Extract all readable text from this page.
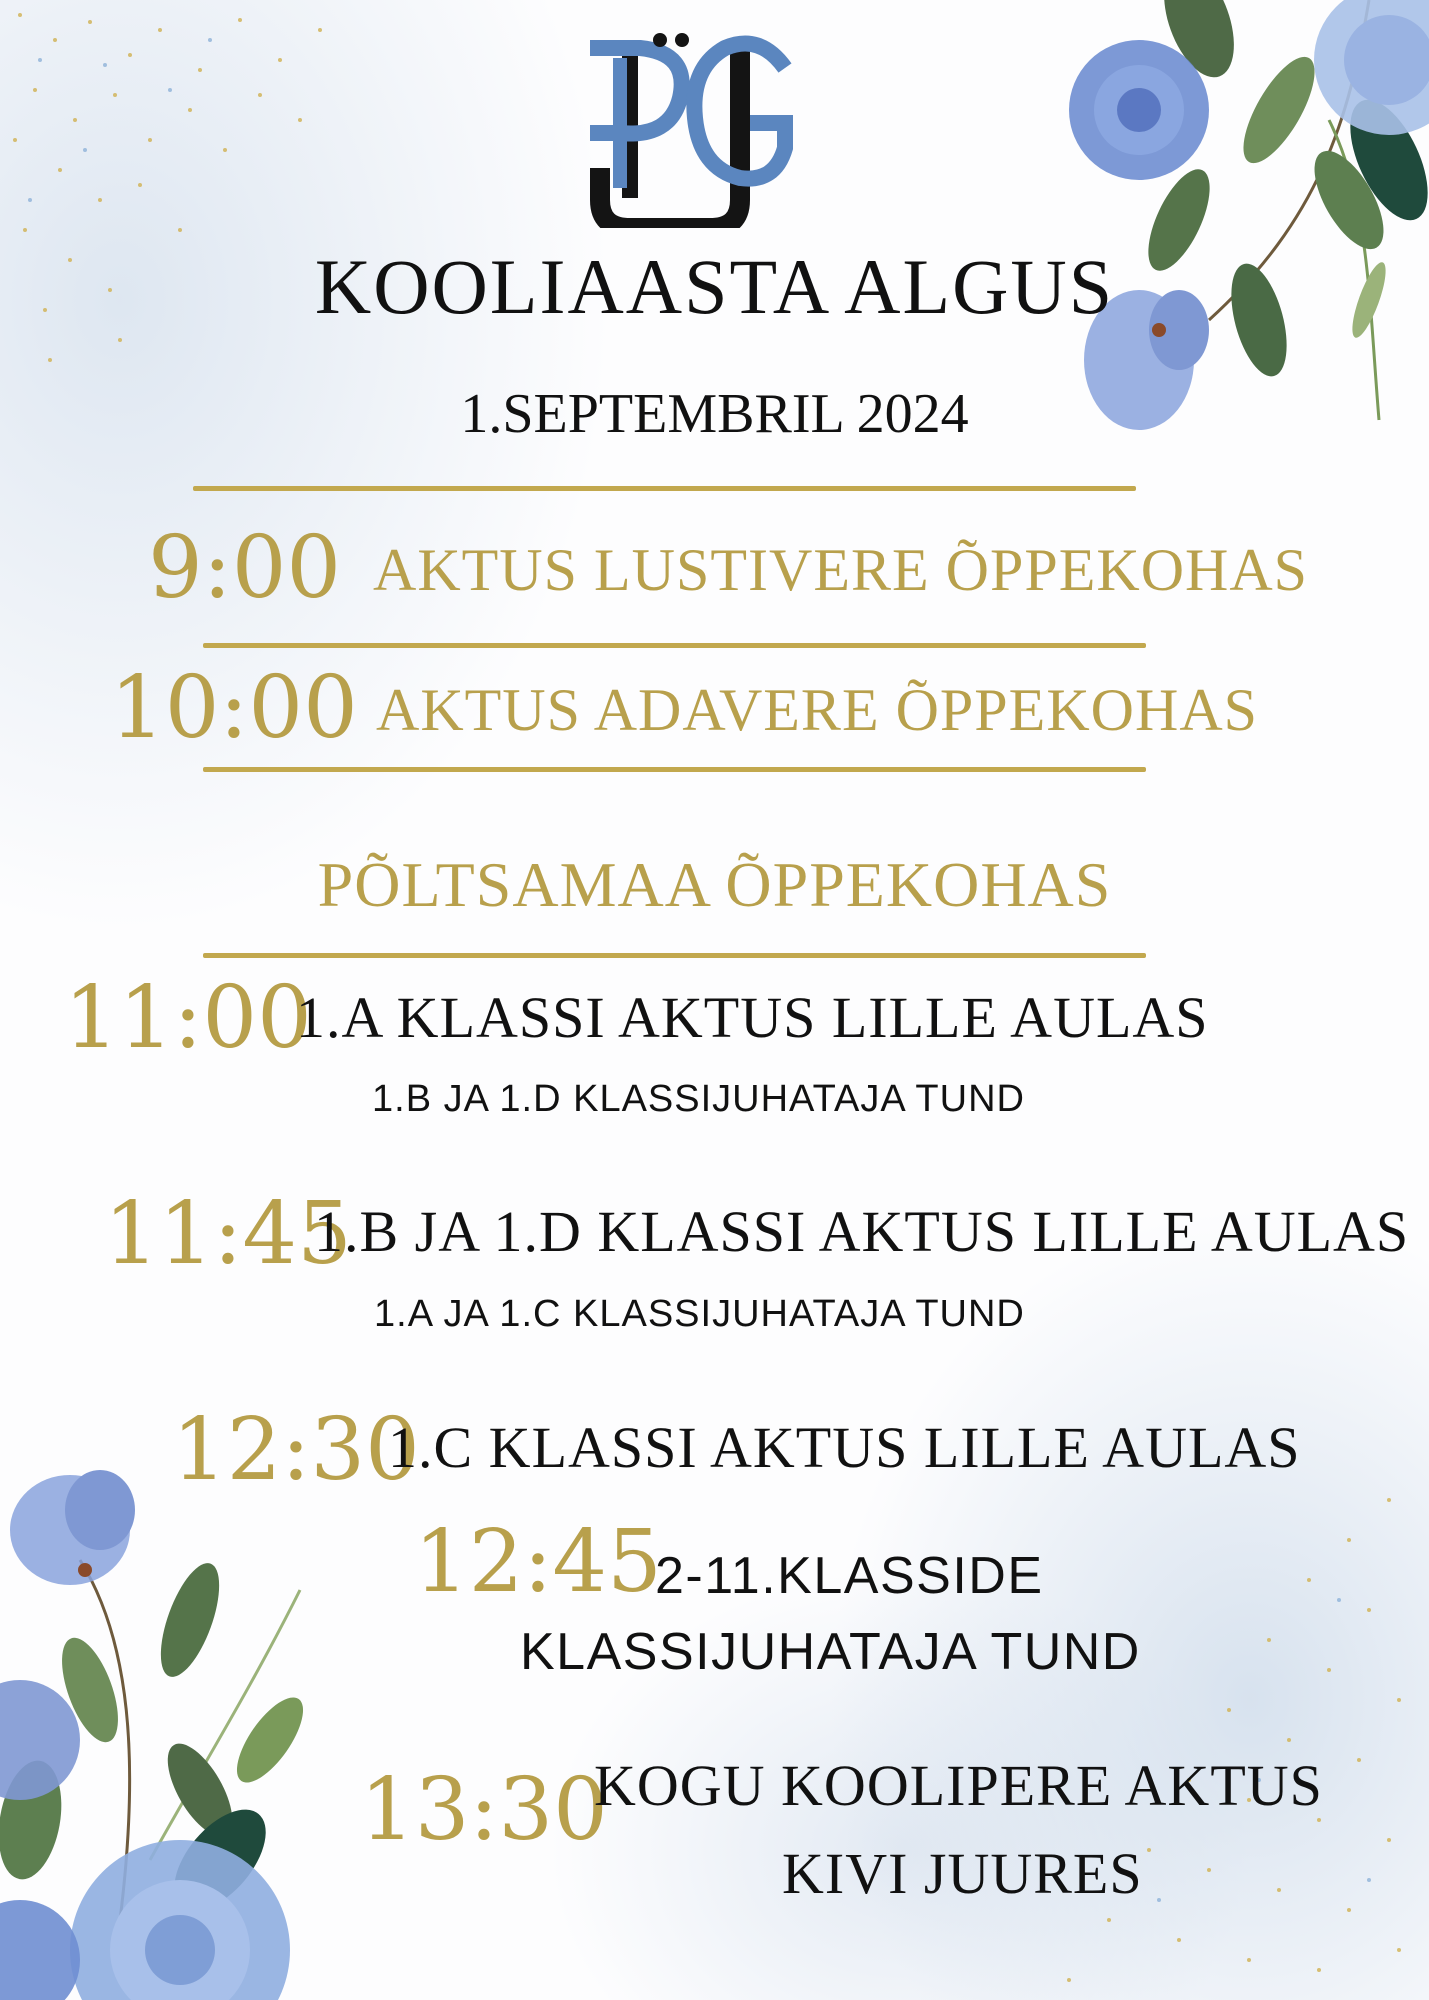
KOOLIAASTA ALGUS
1.SEPTEMBRIL 2024
9:00 AKTUS LUSTIVERE ÕPPEKOHAS
10:00 AKTUS ADAVERE ÕPPEKOHAS
PÕLTSAMAA ÕPPEKOHAS
11:00
1.A KLASSI AKTUS LILLE AULAS
1.B JA 1.D KLASSIJUHATAJA TUND
11:45
1.B JA 1.D KLASSI AKTUS LILLE AULAS
1.A JA 1.C KLASSIJUHATAJA TUND
12:30
1.C KLASSI AKTUS LILLE AULAS
12:45
2-11.KLASSIDE
KLASSIJUHATAJA TUND
13:30
KOGU KOOLIPERE AKTUS
KIVI JUURES
